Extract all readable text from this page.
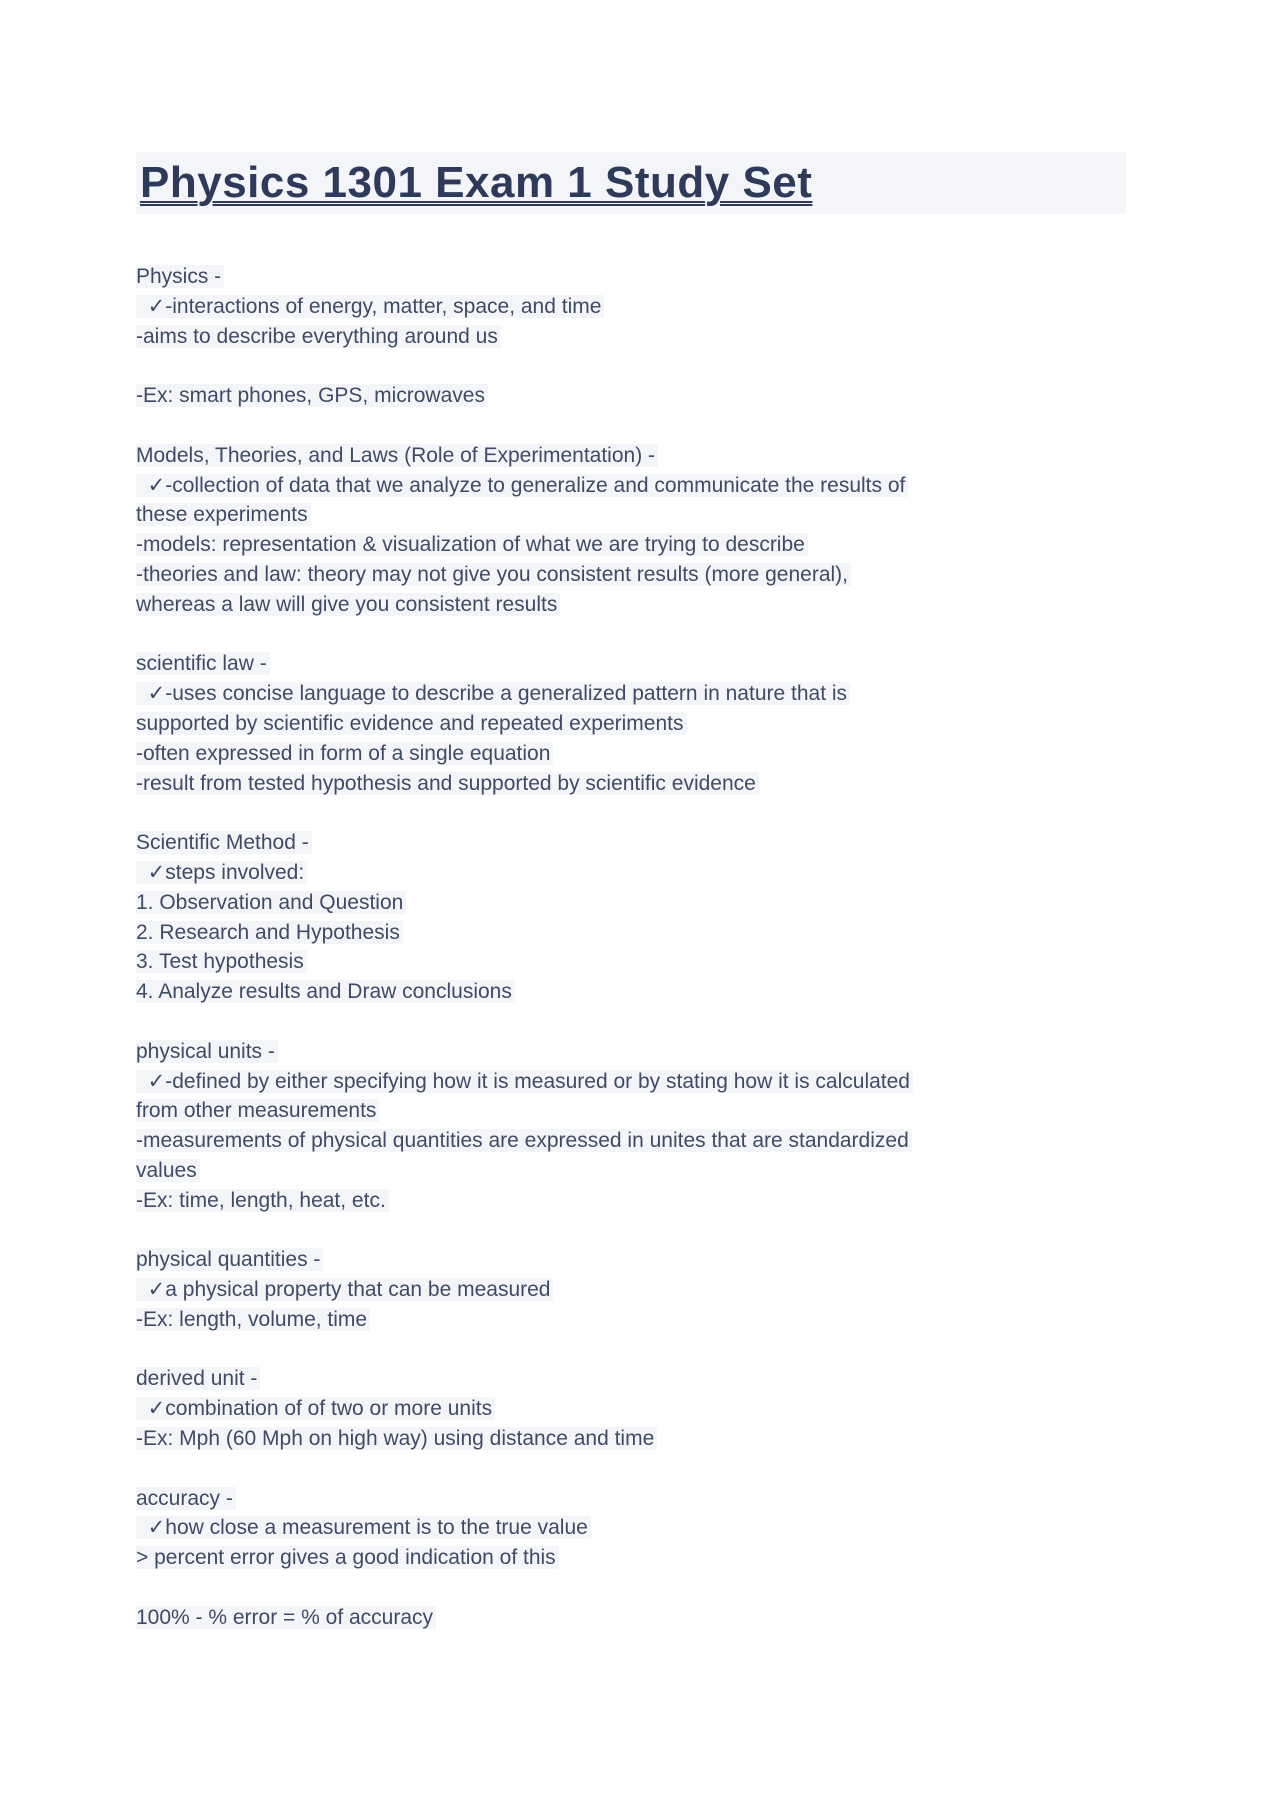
Physics 1301 Exam 1 Study Set
Physics -
✓-interactions of energy, matter, space, and time
-aims to describe everything around us
-Ex: smart phones, GPS, microwaves
Models, Theories, and Laws (Role of Experimentation) -
✓-collection of data that we analyze to generalize and communicate the results of
these experiments
-models: representation & visualization of what we are trying to describe
-theories and law: theory may not give you consistent results (more general),
whereas a law will give you consistent results
scientific law -
✓-uses concise language to describe a generalized pattern in nature that is
supported by scientific evidence and repeated experiments
-often expressed in form of a single equation
-result from tested hypothesis and supported by scientific evidence
Scientific Method -
✓steps involved:
1. Observation and Question
2. Research and Hypothesis
3. Test hypothesis
4. Analyze results and Draw conclusions
physical units -
✓-defined by either specifying how it is measured or by stating how it is calculated
from other measurements
-measurements of physical quantities are expressed in unites that are standardized
values
-Ex: time, length, heat, etc.
physical quantities -
✓a physical property that can be measured
-Ex: length, volume, time
derived unit -
✓combination of of two or more units
-Ex: Mph (60 Mph on high way) using distance and time
accuracy -
✓how close a measurement is to the true value
> percent error gives a good indication of this
100% - % error = % of accuracy
